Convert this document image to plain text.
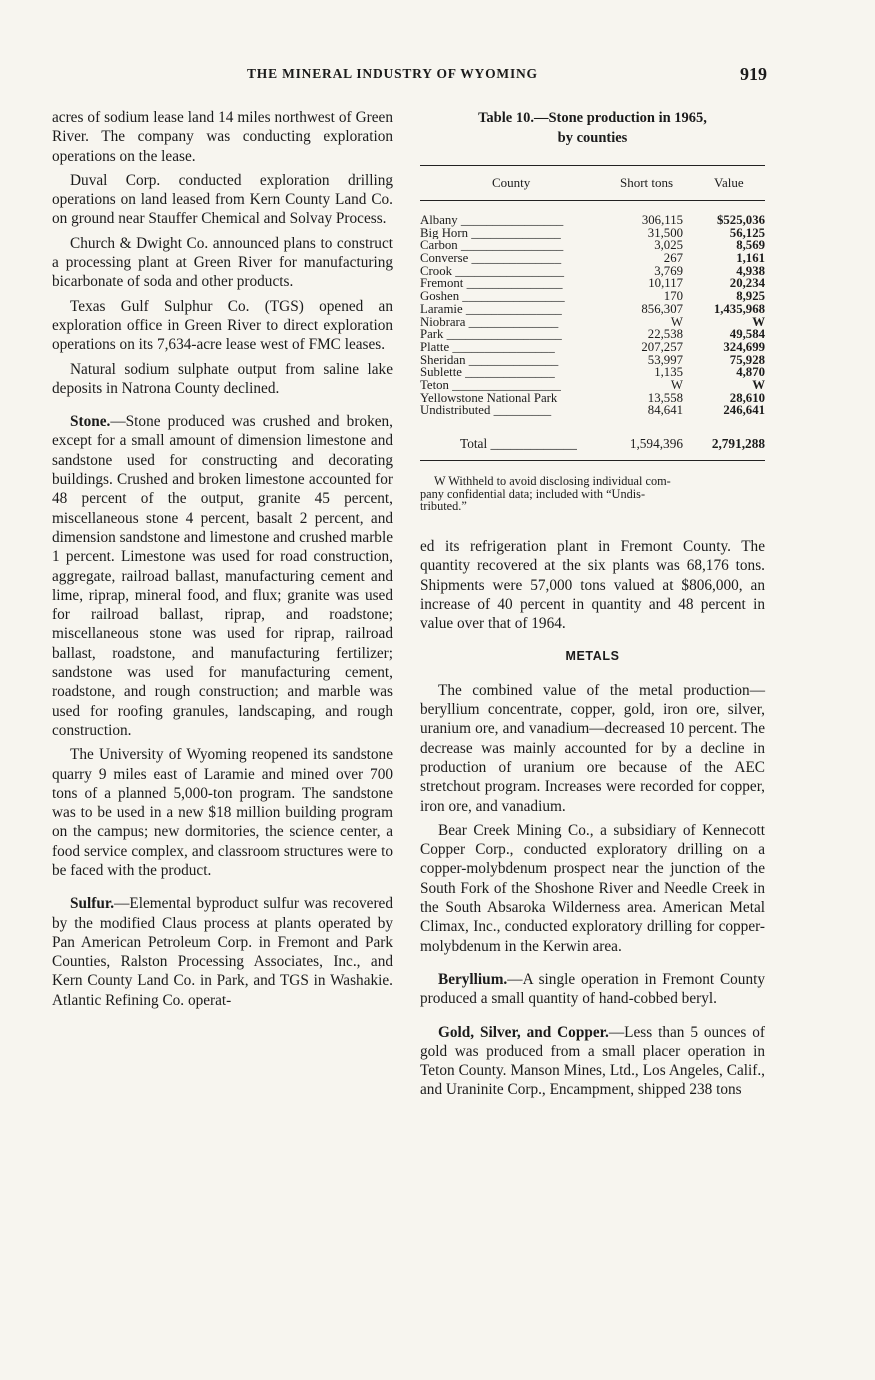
THE MINERAL INDUSTRY OF WYOMING	919

acres of sodium lease land 14 miles northwest of Green River. The company was conducting exploration operations on the lease.

Duval Corp. conducted exploration drilling operations on land leased from Kern County Land Co. on ground near Stauffer Chemical and Solvay Process.

Church & Dwight Co. announced plans to construct a processing plant at Green River for manufacturing bicarbonate of soda and other products.

Texas Gulf Sulphur Co. (TGS) opened an exploration office in Green River to direct exploration operations on its 7,634-acre lease west of FMC leases.

Natural sodium sulphate output from saline lake deposits in Natrona County declined.

Stone.—Stone produced was crushed and broken, except for a small amount of dimension limestone and sandstone used for constructing and decorating buildings. Crushed and broken limestone accounted for 48 percent of the output, granite 45 percent, miscellaneous stone 4 percent, basalt 2 percent, and dimension sandstone and limestone and crushed marble 1 percent. Limestone was used for road construction, aggregate, railroad ballast, manufacturing cement and lime, riprap, mineral food, and flux; granite was used for railroad ballast, riprap, and roadstone; miscellaneous stone was used for riprap, railroad ballast, roadstone, and manufacturing fertilizer; sandstone was used for manufacturing cement, roadstone, and rough construction; and marble was used for roofing granules, landscaping, and rough construction.

The University of Wyoming reopened its sandstone quarry 9 miles east of Laramie and mined over 700 tons of a planned 5,000-ton program. The sandstone was to be used in a new $18 million building program on the campus; new dormitories, the science center, a food service complex, and classroom structures were to be faced with the product.

Sulfur.—Elemental byproduct sulfur was recovered by the modified Claus process at plants operated by Pan American Petroleum Corp. in Fremont and Park Counties, Ralston Processing Associates, Inc., and Kern County Land Co. in Park, and TGS in Washakie. Atlantic Refining Co. operat-

Table 10.—Stone production in 1965,
by counties
County	Short tons	Value
Albany ________________	306,115	$525,036
Big Horn ______________	31,500	56,125
Carbon ________________	3,025	8,569
Converse ______________	267	1,161
Crook _________________	3,769	4,938
Fremont _______________	10,117	20,234
Goshen ________________	170	8,925
Laramie _______________	856,307 1,435,968
Niobrara ______________	W	W
Park __________________	22,538	49,584
Platte ________________	207,257	324,699
Sheridan ______________	53,997	75,928
Sublette ______________	1,135	4,870
Teton _________________	W	W
Yellowstone National Park	13,558	28,610
Undistributed _________	84,641	246,641
Total _____________	1,594,396 2,791,288
W Withheld to avoid disclosing individual com-
pany confidential data; included with “Undis-
tributed.”

ed its refrigeration plant in Fremont County. The quantity recovered at the six plants was 68,176 tons. Shipments were 57,000 tons valued at $806,000, an increase of 40 percent in quantity and 48 percent in value over that of 1964.

METALS

The combined value of the metal production—beryllium concentrate, copper, gold, iron ore, silver, uranium ore, and vanadium—decreased 10 percent. The decrease was mainly accounted for by a decline in production of uranium ore because of the AEC stretchout program. Increases were recorded for copper, iron ore, and vanadium.

Bear Creek Mining Co., a subsidiary of Kennecott Copper Corp., conducted exploratory drilling on a copper-molybdenum prospect near the junction of the South Fork of the Shoshone River and Needle Creek in the South Absaroka Wilderness area. American Metal Climax, Inc., conducted exploratory drilling for copper-molybdenum in the Kerwin area.

Beryllium.—A single operation in Fremont County produced a small quantity of hand-cobbed beryl.

Gold, Silver, and Copper.—Less than 5 ounces of gold was produced from a small placer operation in Teton County. Manson Mines, Ltd., Los Angeles, Calif., and Uraninite Corp., Encampment, shipped 238 tons
